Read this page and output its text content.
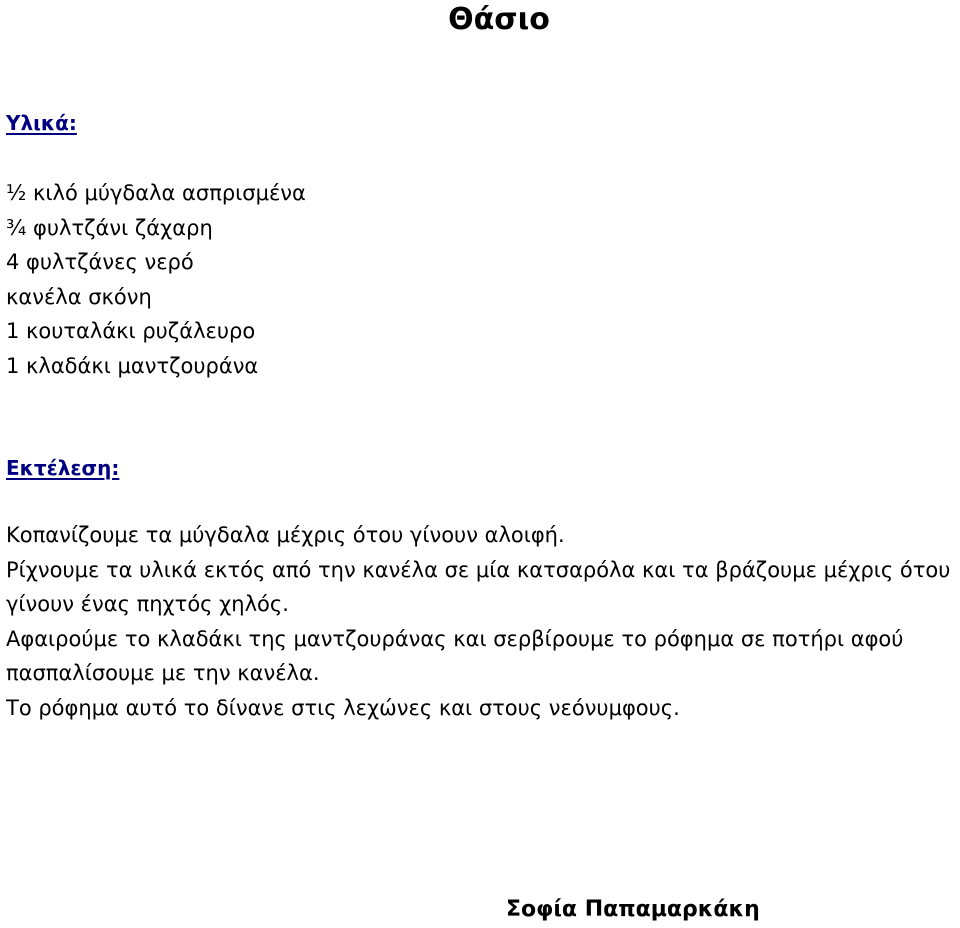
Θάσιο
Υλικά:
½ κιλό μύγδαλα ασπρισμένα
¾ φυλτζάνι ζάχαρη
4 φυλτζάνες νερό
κανέλα σκόνη
1 κουταλάκι ρυζάλευρο
1 κλαδάκι μαντζουράνα
Εκτέλεση:

Κοπανίζουμε τα μύγδαλα μέχρις ότου γίνουν αλοιφή.

Ρίχνουμε τα υλικά εκτός από την κανέλα σε μία κατσαρόλα και τα βράζουμε μέχρις ότου γίνουν ένας πηχτός χηλός.

Αφαιρούμε το κλαδάκι της μαντζουράνας και σερβίρουμε το ρόφημα σε ποτήρι αφού πασπαλίσουμε με την κανέλα.

Το ρόφημα αυτό το δίνανε στις λεχώνες και στους νεόνυμφους.

Σοφία Παπαμαρκάκη
